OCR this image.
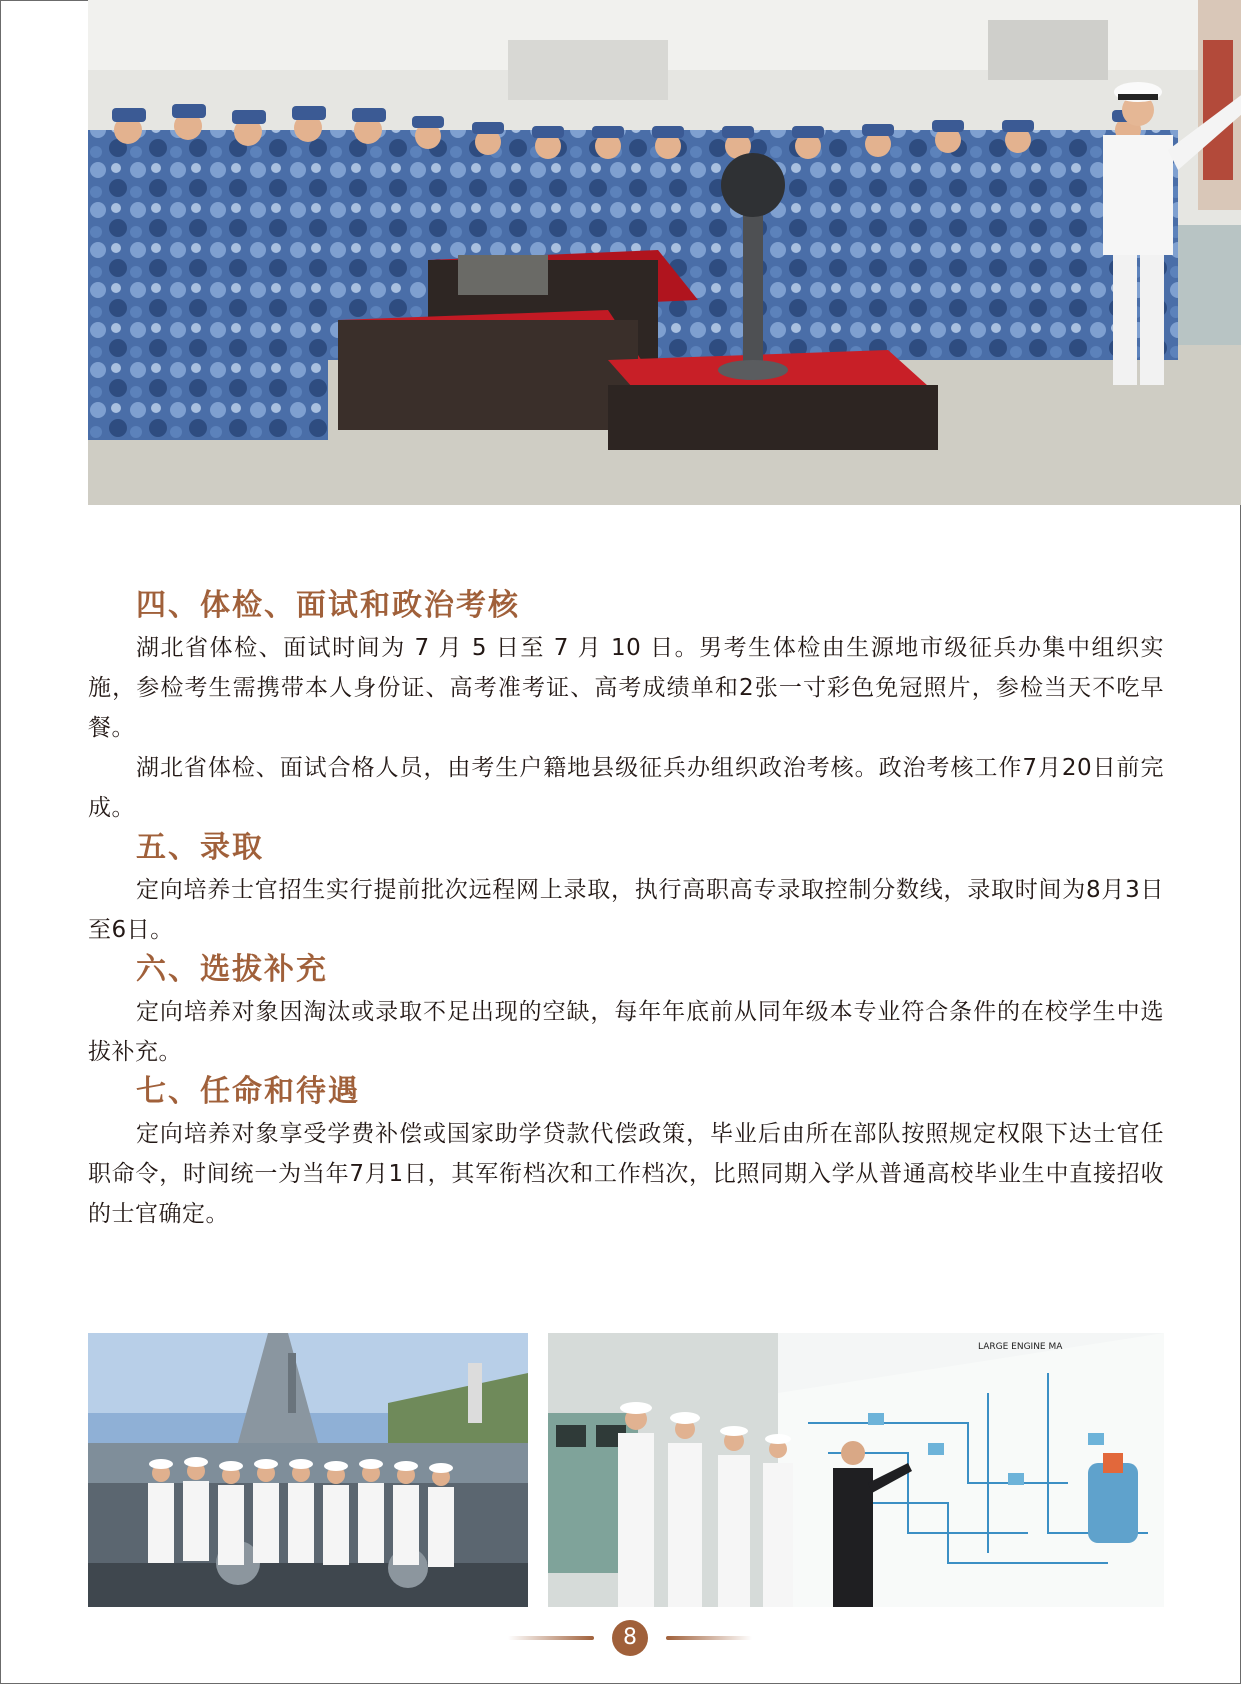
四、体检、面试和政治考核

湖北省体检、面试时间为 7 月 5 日至 7 月 10 日。男考生体检由生源地市级征兵办集中组织实施，参检考生需携带本人身份证、高考准考证、高考成绩单和2张一寸彩色免冠照片，参检当天不吃早餐。

湖北省体检、面试合格人员，由考生户籍地县级征兵办组织政治考核。政治考核工作7月20日前完成。

五、录取

定向培养士官招生实行提前批次远程网上录取，执行高职高专录取控制分数线，录取时间为8月3日至6日。

六、选拔补充

定向培养对象因淘汰或录取不足出现的空缺，每年年底前从同年级本专业符合条件的在校学生中选拔补充。

七、任命和待遇

定向培养对象享受学费补偿或国家助学贷款代偿政策，毕业后由所在部队按照规定权限下达士官任职命令，时间统一为当年7月1日，其军衔档次和工作档次，比照同期入学从普通高校毕业生中直接招收的士官确定。

LARGE ENGINE MA
8
